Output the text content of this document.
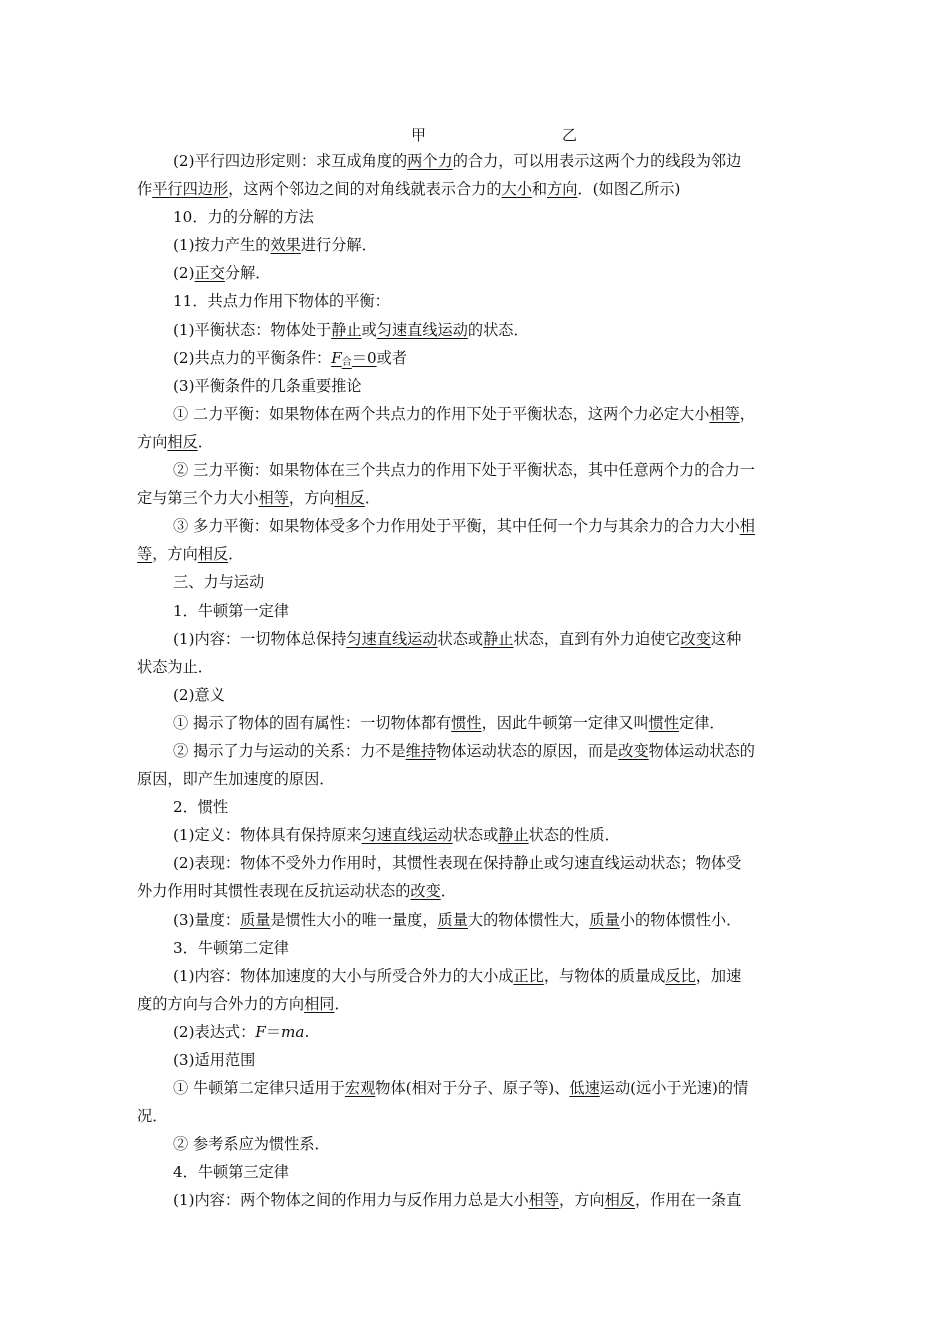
甲	乙
(2)平行四边形定则：求互成角度的两个力的合力，可以用表示这两个力的线段为邻边
作平行四边形，这两个邻边之间的对角线就表示合力的大小和方向．(如图乙所示)
10．力的分解的方法
(1)按力产生的效果进行分解．
(2)正交分解．
11．共点力作用下物体的平衡：
(1)平衡状态：物体处于静止或匀速直线运动的状态．
(2)共点力的平衡条件：$F_合=0$或者
(3)平衡条件的几条重要推论
① 二力平衡：如果物体在两个共点力的作用下处于平衡状态，这两个力必定大小相等，
方向相反．
② 三力平衡：如果物体在三个共点力的作用下处于平衡状态，其中任意两个力的合力一
定与第三个力大小相等，方向相反．
③ 多力平衡：如果物体受多个力作用处于平衡，其中任何一个力与其余力的合力大小相
等，方向相反．
三、力与运动
1．牛顿第一定律
(1)内容：一切物体总保持匀速直线运动状态或静止状态，直到有外力迫使它改变这种
状态为止．
(2)意义
① 揭示了物体的固有属性：一切物体都有惯性，因此牛顿第一定律又叫惯性定律．
② 揭示了力与运动的关系：力不是维持物体运动状态的原因，而是改变物体运动状态的
原因，即产生加速度的原因．
2．惯性
(1)定义：物体具有保持原来匀速直线运动状态或静止状态的性质．
(2)表现：物体不受外力作用时，其惯性表现在保持静止或匀速直线运动状态；物体受
外力作用时其惯性表现在反抗运动状态的改变．
(3)量度：质量是惯性大小的唯一量度，质量大的物体惯性大，质量小的物体惯性小．
3．牛顿第二定律
(1)内容：物体加速度的大小与所受合外力的大小成正比，与物体的质量成反比，加速
度的方向与合外力的方向相同．
(2)表达式：F＝ma.
(3)适用范围
① 牛顿第二定律只适用于宏观物体(相对于分子、原子等)、低速运动(远小于光速)的情
况．
② 参考系应为惯性系．
4．牛顿第三定律
(1)内容：两个物体之间的作用力与反作用力总是大小相等，方向相反，作用在一条直
